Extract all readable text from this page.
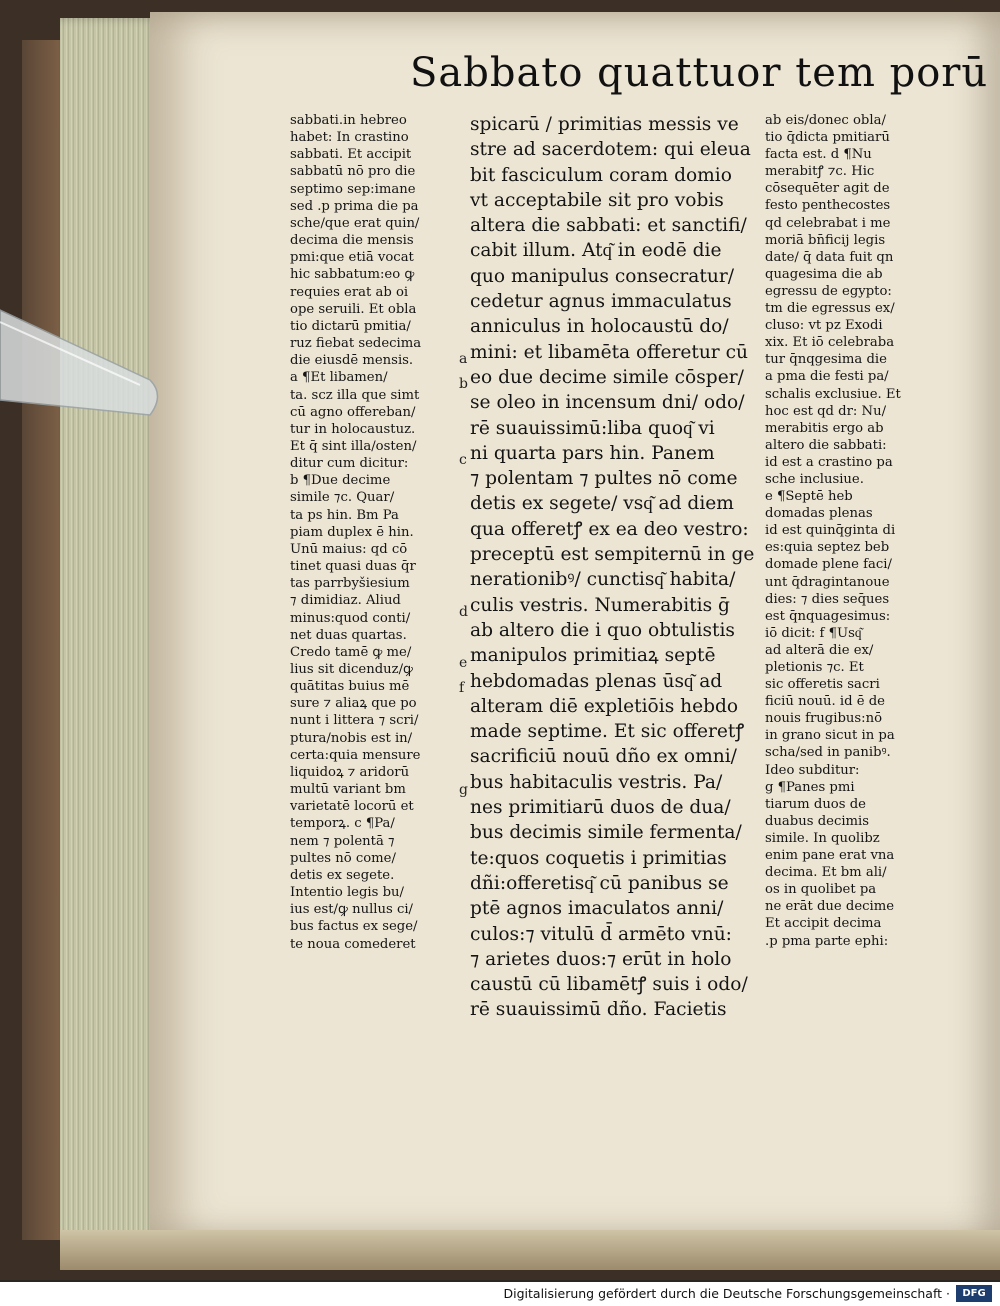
Sabbato quattuor tem porū
sabbati.in hebreo
habet: In crastino
sabbati. Et accipit
sabbatū nō pro die
septimo sep:imane
sed .p prima die pa
sche/que erat quin/
decima die mensis
pmi:que etiā vocat
hic sabbatum:eo ꝙ
requies erat ab oi
ope seruili. Et obla
tio dictarū pmitia/
ruz fiebat sedecima
die eiusdē mensis.
a ¶Et libamen/
ta. scz illa que simt
cū agno offereban/
tur in holocaustuz.
Et q̄ sint illa/osten/
ditur cum dicitur:
b ¶Due decime
simile ⁊c. Quar/
ta ps hin. Bm Pa
piam duplex ē hin.
Unū maius: qd cō
tinet quasi duas q̄r
tas parrbyšiesium
⁊ dimidiaz. Aliud
minus:quod conti/
net duas quartas.
Credo tamē ꝙ me/
lius sit dicenduz/ꝙ
quātitas buius mē
sure ⁊ aliaꝝ que po
nunt i littera ⁊ scri/
ptura/nobis est in/
certa:quia mensure
liquidoꝝ ⁊ aridorū
multū variant bm
varietatē locorū et
temporꝝ. c ¶Pa/
nem ⁊ polentā ⁊
pultes nō come/
detis ex segete.
Intentio legis bu/
ius est/ꝙ nullus ci/
bus factus ex sege/
te noua comederet
spicarū / primitias messis ve
stre ad sacerdotem: qui eleua
bit fasciculum coram domio
vt acceptabile sit pro vobis
altera die sabbati: et sanctifi/
cabit illum. Atq͂ in eodē die
quo manipulus consecratur/
cedetur agnus immaculatus
anniculus in holocaustū do/
mini: et libamēta offeretur cū
eo due decime simile cōsper/
se oleo in incensum dni/ odo/
rē suauissimū:liba quoq͂ vi
ni quarta pars hin. Panem
⁊ polentam ⁊ pultes nō come
detis ex segete/ vsq͂ ad diem
qua offeretꝭ ex ea deo vestro:
preceptū est sempiternū in ge
nerationibꝰ/ cunctisq͂ habita/
culis vestris. Numerabitis ḡ
ab altero die i quo obtulistis
manipulos primitiaꝝ septē
hebdomadas plenas ūsq͂ ad
alteram diē expletiōis hebdo
made septime. Et sic offeretꝭ
sacrificiū nouū dño ex omni/
bus habitaculis vestris. Pa/
nes primitiarū duos de dua/
bus decimis simile fermenta/
te:quos coquetis i primitias
dñi:offeretisq͂ cū panibus se
ptē agnos imaculatos anni/
culos:⁊ vitulū d̄ armēto vnū:
⁊ arietes duos:⁊ erūt in holo
caustū cū libamētꝭ suis i odo/
rē suauissimū dño. Facietis
ab eis/donec obla/
tio q̄dicta pmitiarū
facta est. d ¶Nu
merabitꝭ ⁊c. Hic
cōsequēter agit de
festo penthecostes
qd celebrabat i me
moriā bn̄ficij legis
date/ q̄ data fuit qn
quagesima die ab
egressu de egypto:
tm die egressus ex/
cluso: vt pz Exodi
xix. Et iō celebraba
tur q̄nqgesima die
a pma die festi pa/
schalis exclusiue. Et
hoc est qd dr: Nu/
merabitis ergo ab
altero die sabbati:
id est a crastino pa
sche inclusiue.
e ¶Septē heb
domadas plenas
id est quinq̄ginta di
es:quia septez beb
domade plene faci/
unt q̄dragintanoue
dies: ⁊ dies seq̄ues
est q̄nquagesimus:
iō dicit: f ¶Usq͂
ad alterā die ex/
pletionis ⁊c. Et
sic offeretis sacri
ficiū nouū. id ē de
nouis frugibus:nō
in grano sicut in pa
scha/sed in panibꝰ.
Ideo subditur:
g ¶Panes pmi
tiarum duos de
duabus decimis
simile. In quolibz
enim pane erat vna
decima. Et bm ali/
os in quolibet pa
ne erāt due decime
Et accipit decima
.p pma parte ephi:
a
b
c
d
e
f
g
Digitalisierung gefördert durch die Deutsche Forschungsgemeinschaft ·	DFG
